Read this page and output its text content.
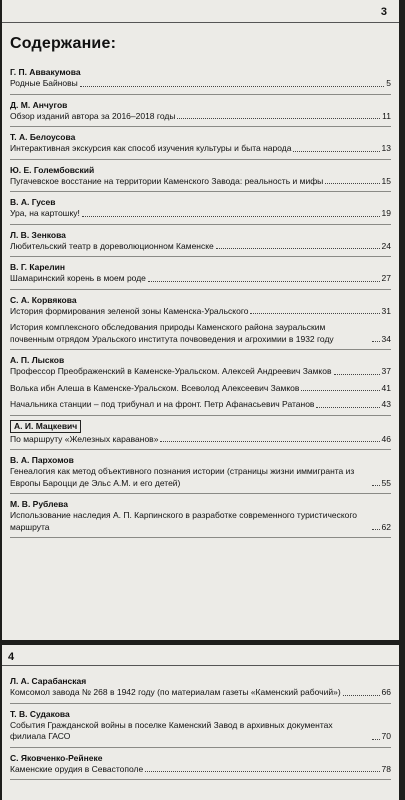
3
Содержание:
Г. П. Аввакумова
Родные Байновы	5
Д. М. Анчугов
Обзор изданий автора за 2016–2018 годы	11
Т. А. Белоусова
Интерактивная экскурсия как способ изучения культуры и быта народа	13
Ю. Е. Голембовский
Пугачевское восстание на территории Каменского Завода: реальность и мифы	15
В. А. Гусев
Ура, на картошку!	19
Л. В. Зенкова
Любительский театр в дореволюционном Каменске	24
В. Г. Карелин
Шамаринский корень в моем роде	27
С. А. Корвякова
История формирования зеленой зоны Каменска-Уральского	31
История комплексного обследования природы Каменского района зауральским почвенным отрядом Уральского института почвоведения и агрохимии в 1932 году	34
А. П. Лысков
Профессор Преображенский в Каменске-Уральском. Алексей Андреевич Замков	37
Волька ибн Алеша в Каменске-Уральском. Всеволод Алексеевич Замков	41
Начальника станции – под трибунал и на фронт. Петр Афанасьевич Ратанов	43
А. И. Мацкевич
По маршруту «Железных караванов»	46
В. А. Пархомов
Генеалогия как метод объективного познания истории (страницы жизни иммигранта из Европы Бароцци де Эльс А.М. и его детей)	55
М. В. Рублева
Использование наследия А. П. Карпинского в разработке современного туристического маршрута	62
4
Л. А. Сарабанская
Комсомол завода № 268 в 1942 году (по материалам газеты «Каменский рабочий»)	66
Т. В. Судакова
События Гражданской войны в поселке Каменский Завод в архивных документах филиала ГАСО	70
С. Яковченко-Рейнеке
Каменские орудия в Севастополе	78
